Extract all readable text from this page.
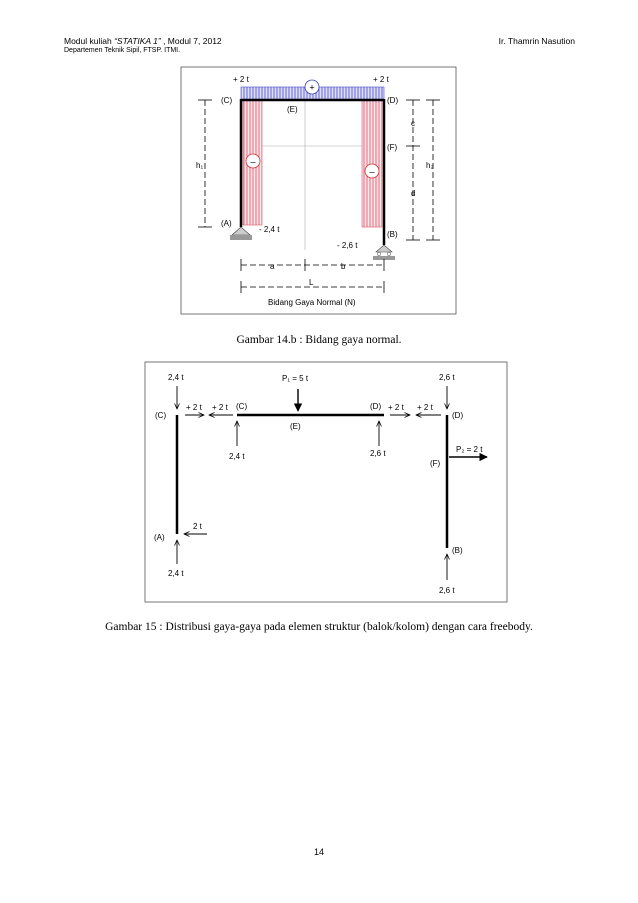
Modul kuliah “STATIKA 1” , Modul 7, 2012	Ir. Thamrin Nasution
Departemen Teknik Sipil, FTSP. ITMI.
+
–
–
+ 2 t	+ 2 t
(C)	(D)
(E)
(F)
(A)
(B)
- 2,4 t
- 2,6 t
h₁	h₂
c
d
a	b
L
Bidang Gaya Normal (N)
2,4 t
(C)
+ 2 t + 2 t (C)
2,4 t
P₁ = 5 t
(E)
(D) + 2 t
2,6 t
+ 2 t
(D)
2,6 t
P₂ = 2 t
(F)
2 t
(A)
2,4 t
(B)
2,6 t
Gambar 14.b : Bidang gaya normal.
Gambar 15 : Distribusi gaya-gaya pada elemen struktur (balok/kolom) dengan cara freebody.
14
